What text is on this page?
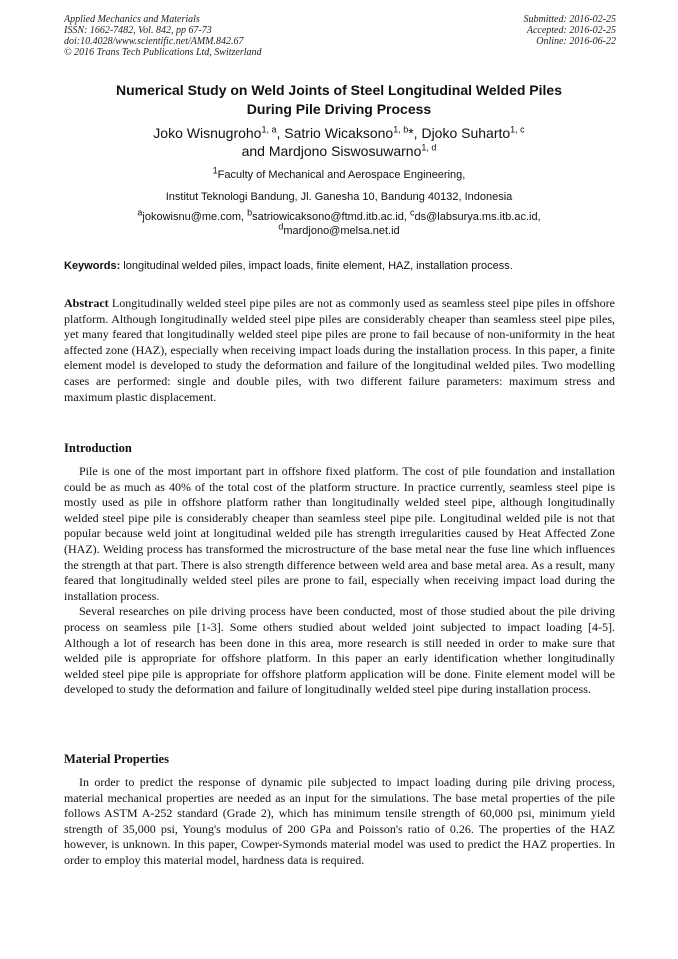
Applied Mechanics and Materials
ISSN: 1662-7482, Vol. 842, pp 67-73
doi:10.4028/www.scientific.net/AMM.842.67
© 2016 Trans Tech Publications Ltd, Switzerland
Submitted: 2016-02-25
Accepted: 2016-02-25
Online: 2016-06-22
Numerical Study on Weld Joints of Steel Longitudinal Welded Piles
During Pile Driving Process
Joko Wisnugroho$^{1, a}$, Satrio Wicaksono$^{1, b}$*, Djoko Suharto$^{1, c}$
and Mardjono Siswosuwarno$^{1, d}$
$^1$Faculty of Mechanical and Aerospace Engineering,
Institut Teknologi Bandung, Jl. Ganesha 10, Bandung 40132, Indonesia
$^a$jokowisnu@me.com, $^b$satriowicaksono@ftmd.itb.ac.id, $^c$ds@labsurya.ms.itb.ac.id,
$^d$mardjono@melsa.net.id
Keywords: longitudinal welded piles, impact loads, finite element, HAZ, installation process.

Abstract Longitudinally welded steel pipe piles are not as commonly used as seamless steel pipe piles in offshore platform. Although longitudinally welded steel pipe piles are considerably cheaper than seamless steel pipe piles, yet many feared that longitudinally welded steel pipe piles are prone to fail because of non-uniformity in the heat affected zone (HAZ), especially when receiving impact loads during the installation process. In this paper, a finite element model is developed to study the deformation and failure of the longitudinal welded piles. Two modelling cases are performed: single and double piles, with two different failure parameters: maximum stress and maximum plastic displacement.

Introduction

Pile is one of the most important part in offshore fixed platform. The cost of pile foundation and installation could be as much as 40% of the total cost of the platform structure. In practice currently, seamless steel pipe is mostly used as pile in offshore platform rather than longitudinally welded steel pipe, although longitudinally welded steel pipe pile is considerably cheaper than seamless steel pipe pile. Longitudinal welded pile is not that popular because weld joint at longitudinal welded pile has strength irregularities caused by Heat Affected Zone (HAZ). Welding process has transformed the microstructure of the base metal near the fuse line which influences the strength at that part. There is also strength difference between weld area and base metal area. As a result, many feared that longitudinally welded steel piles are prone to fail, especially when receiving impact load during the installation process.

Several researches on pile driving process have been conducted, most of those studied about the pile driving process on seamless pile [1-3]. Some others studied about welded joint subjected to impact loading [4-5]. Although a lot of research has been done in this area, more research is still needed in order to make sure that welded pile is appropriate for offshore platform. In this paper an early identification whether longitudinally welded steel pipe pile is appropriate for offshore platform application will be done. Finite element model will be developed to study the deformation and failure of longitudinally welded steel pipe during installation process.

Material Properties

In order to predict the response of dynamic pile subjected to impact loading during pile driving process, material mechanical properties are needed as an input for the simulations. The base metal properties of the pile follows ASTM A-252 standard (Grade 2), which has minimum tensile strength of 60,000 psi, minimum yield strength of 35,000 psi, Young's modulus of 200 GPa and Poisson's ratio of 0.26. The properties of the HAZ however, is unknown. In this paper, Cowper-Symonds material model was used to predict the HAZ properties. In order to employ this material model, hardness data is required.
